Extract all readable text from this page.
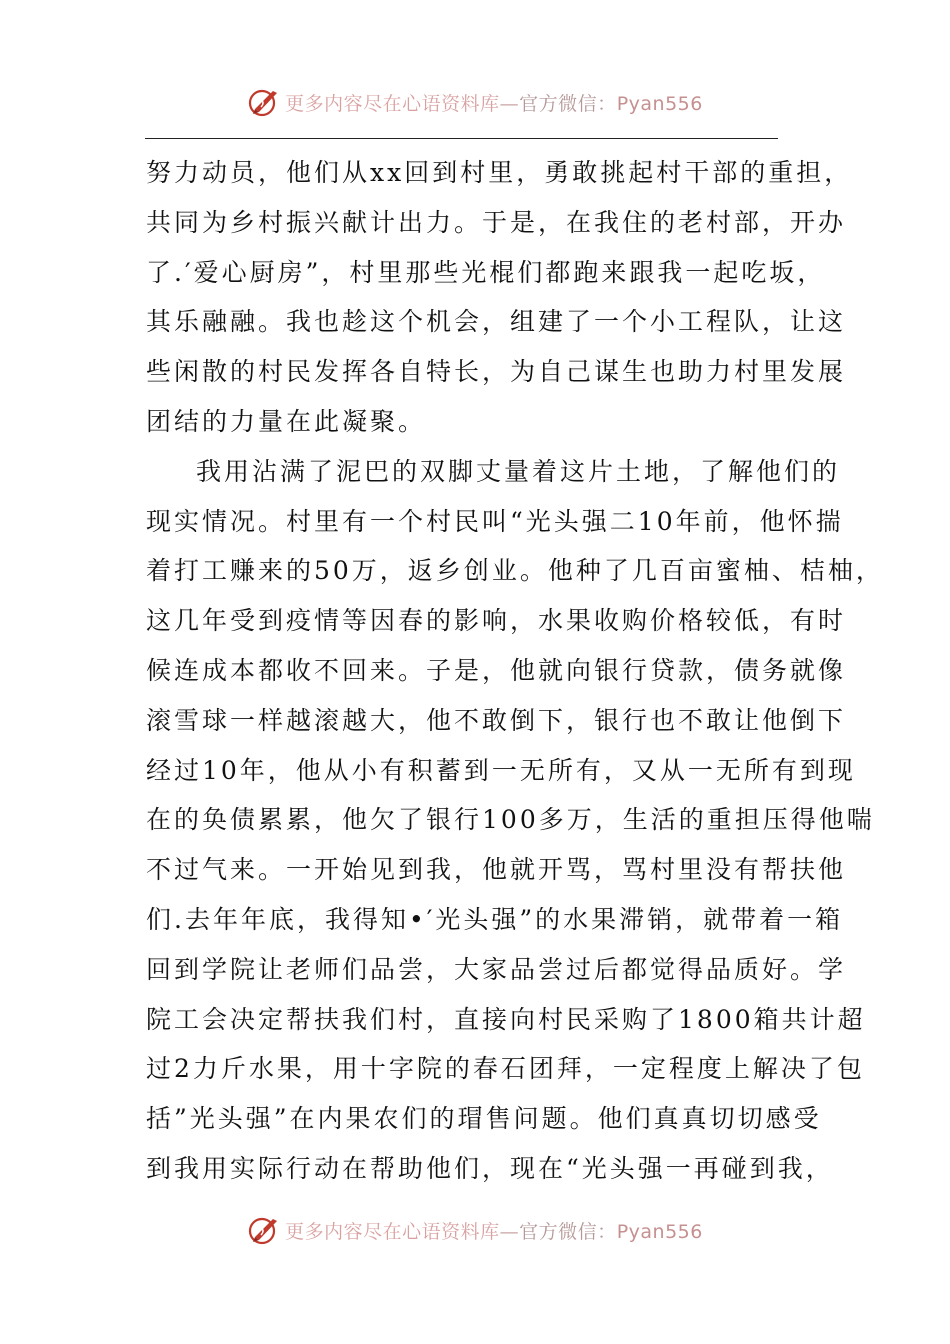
更多内容尽在心语资料库—官方微信：Pyan556
努力动员，他们从xx回到村里，勇敢挑起村干部的重担，
共同为乡村振兴献计出力。于是，在我住的老村部，开办
了.′爱心厨房”，村里那些光棍们都跑来跟我一起吃坂，
其乐融融。我也趁这个机会，组建了一个小工程队，让这
些闲散的村民发挥各自特长，为自己谋生也助力村里发展
团结的力量在此凝聚。
我用沾满了泥巴的双脚丈量着这片土地，了解他们的
现实情况。村里有一个村民叫“光头强二10年前，他怀揣
着打工赚来的50万，返乡创业。他种了几百亩蜜柚、桔柚，
这几年受到疫情等因春的影响，水果收购价格较低，有时
候连成本都收不回来。子是，他就向银行贷款，债务就像
滚雪球一样越滚越大，他不敢倒下，银行也不敢让他倒下
经过10年，他从小有积蓄到一无所有，又从一无所有到现
在的奂债累累，他欠了银行100多万，生活的重担压得他喘
不过气来。一开始见到我，他就开骂，骂村里没有帮扶他
们.去年年底，我得知•′光头强”的水果滞销，就带着一箱
回到学院让老师们品尝，大家品尝过后都觉得品质好。学
院工会决定帮扶我们村，直接向村民采购了1800箱共计超
过2力斤水果，用十字院的春石团拜，一定程度上解决了包
括”光头强”在内果农们的瑁售问题。他们真真切切感受
到我用实际行动在帮助他们，现在“光头强一再碰到我，
更多内容尽在心语资料库—官方微信：Pyan556
